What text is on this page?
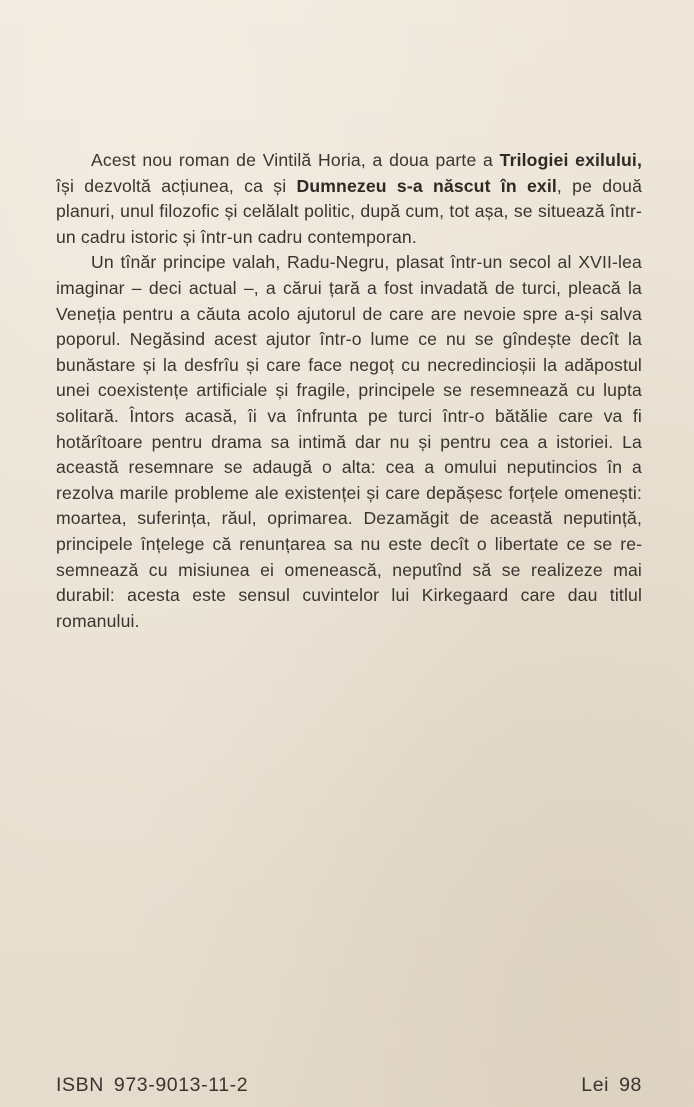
Acest nou roman de Vintilă Horia, a doua parte a Trilogiei exilului, își dezvoltă acțiunea, ca și Dumnezeu s-a născut în exil, pe două planuri, unul filozofic și celălalt politic, după cum, tot așa, se situează într-un cadru istoric și într-un cadru contemporan.

Un tînăr principe valah, Radu-Negru, plasat într-un secol al XVII-lea imaginar – deci actual –, a cărui țară a fost invadată de turci, pleacă la Veneția pentru a căuta acolo ajutorul de care are nevoie spre a-și salva poporul. Negăsind acest ajutor într-o lume ce nu se gîndește decît la bunăstare și la desfrîu și care face negoț cu necredincioșii la adăpostul unei coexistențe artificiale și fragile, principele se resemnează cu lupta solitară. Întors acasă, îi va înfrunta pe turci într-o bătălie care va fi hotărîtoare pentru drama sa intimă dar nu și pentru cea a istoriei. La această resemnare se adaugă o alta: cea a omului neputincios în a rezolva marile probleme ale existenței și care depășesc forțele omenești: moartea, suferința, răul, oprimarea. Dezamăgit de această neputință, principele înțelege că renunțarea sa nu este decît o libertate ce se resemnează cu misiunea ei omenească, neputînd să se realizeze mai durabil: acesta este sensul cuvintelor lui Kirkegaard care dau titlul romanului.

ISBN 973-9013-11-2	Lei 98
